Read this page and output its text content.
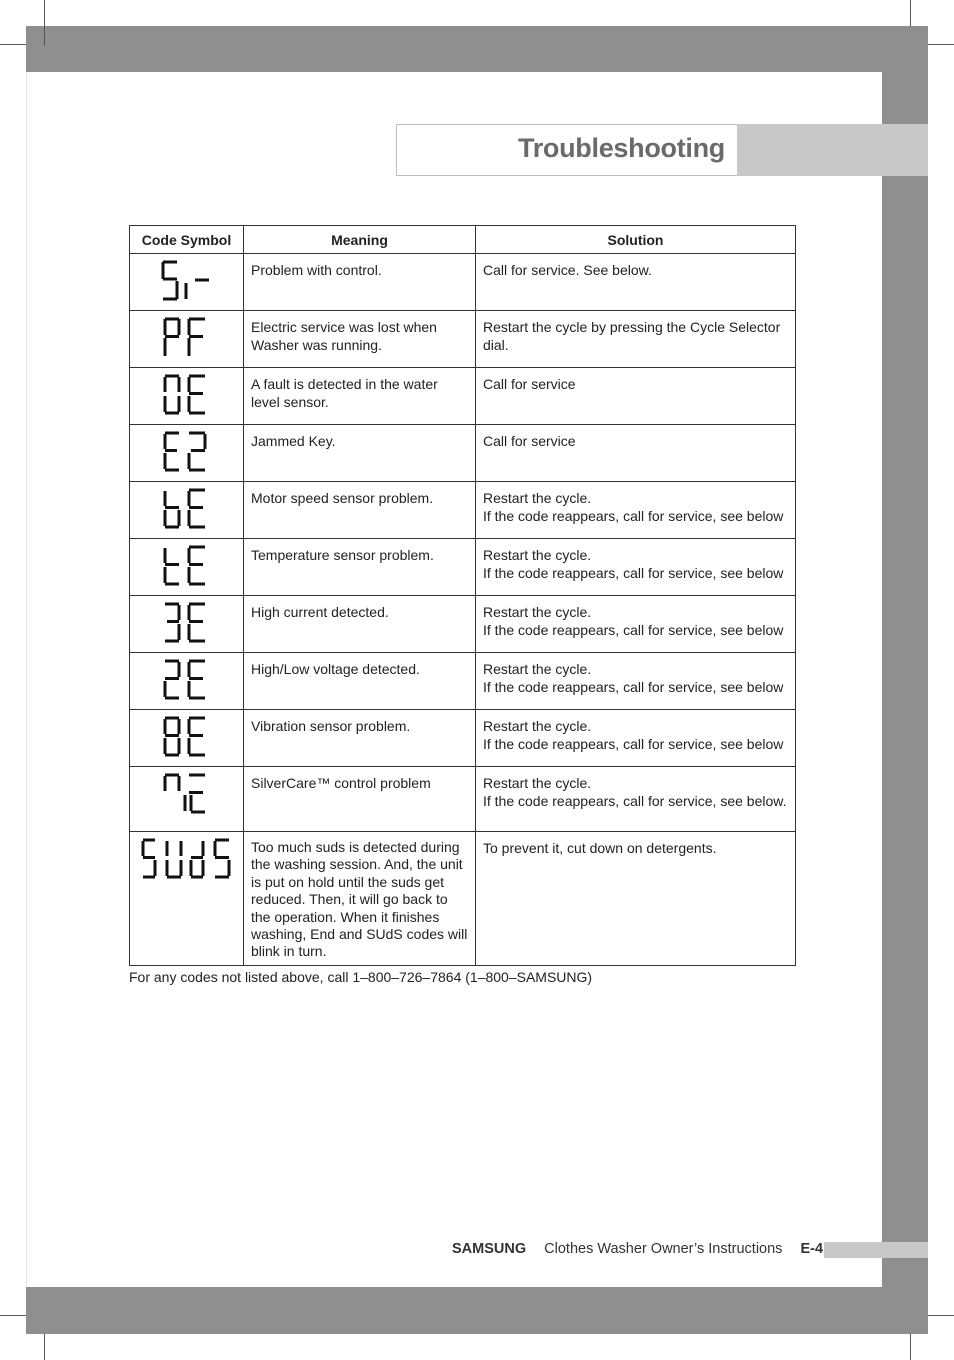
Troubleshooting
Code Symbol	Meaning	Solution

	Problem with control.	Call for service. See below.

	Electric service was lost when Washer was running.	Restart the cycle by pressing the Cycle Selector dial.

	A fault is detected in the water level sensor.	Call for service

	Jammed Key.	Call for service

	Motor speed sensor problem.	Restart the cycle.
If the code reappears, call for service, see below

	Temperature sensor problem.	Restart the cycle.
If the code reappears, call for service, see below

	High current detected.	Restart the cycle.
If the code reappears, call for service, see below

	High/Low voltage detected.	Restart the cycle.
If the code reappears, call for service, see below

	Vibration sensor problem.	Restart the cycle.
If the code reappears, call for service, see below

	SilverCare™ control problem	Restart the cycle.
If the code reappears, call for service, see below.

	Too much suds is detected during the washing session. And, the unit is put on hold until the suds get reduced. Then, it will go back to the operation. When it finishes washing, End and SUdS codes will blink in turn.	To prevent it, cut down on detergents.
For any codes not listed above, call 1–800–726–7864 (1–800–SAMSUNG)
SAMSUNG Clothes Washer Owner’s Instructions E-4
